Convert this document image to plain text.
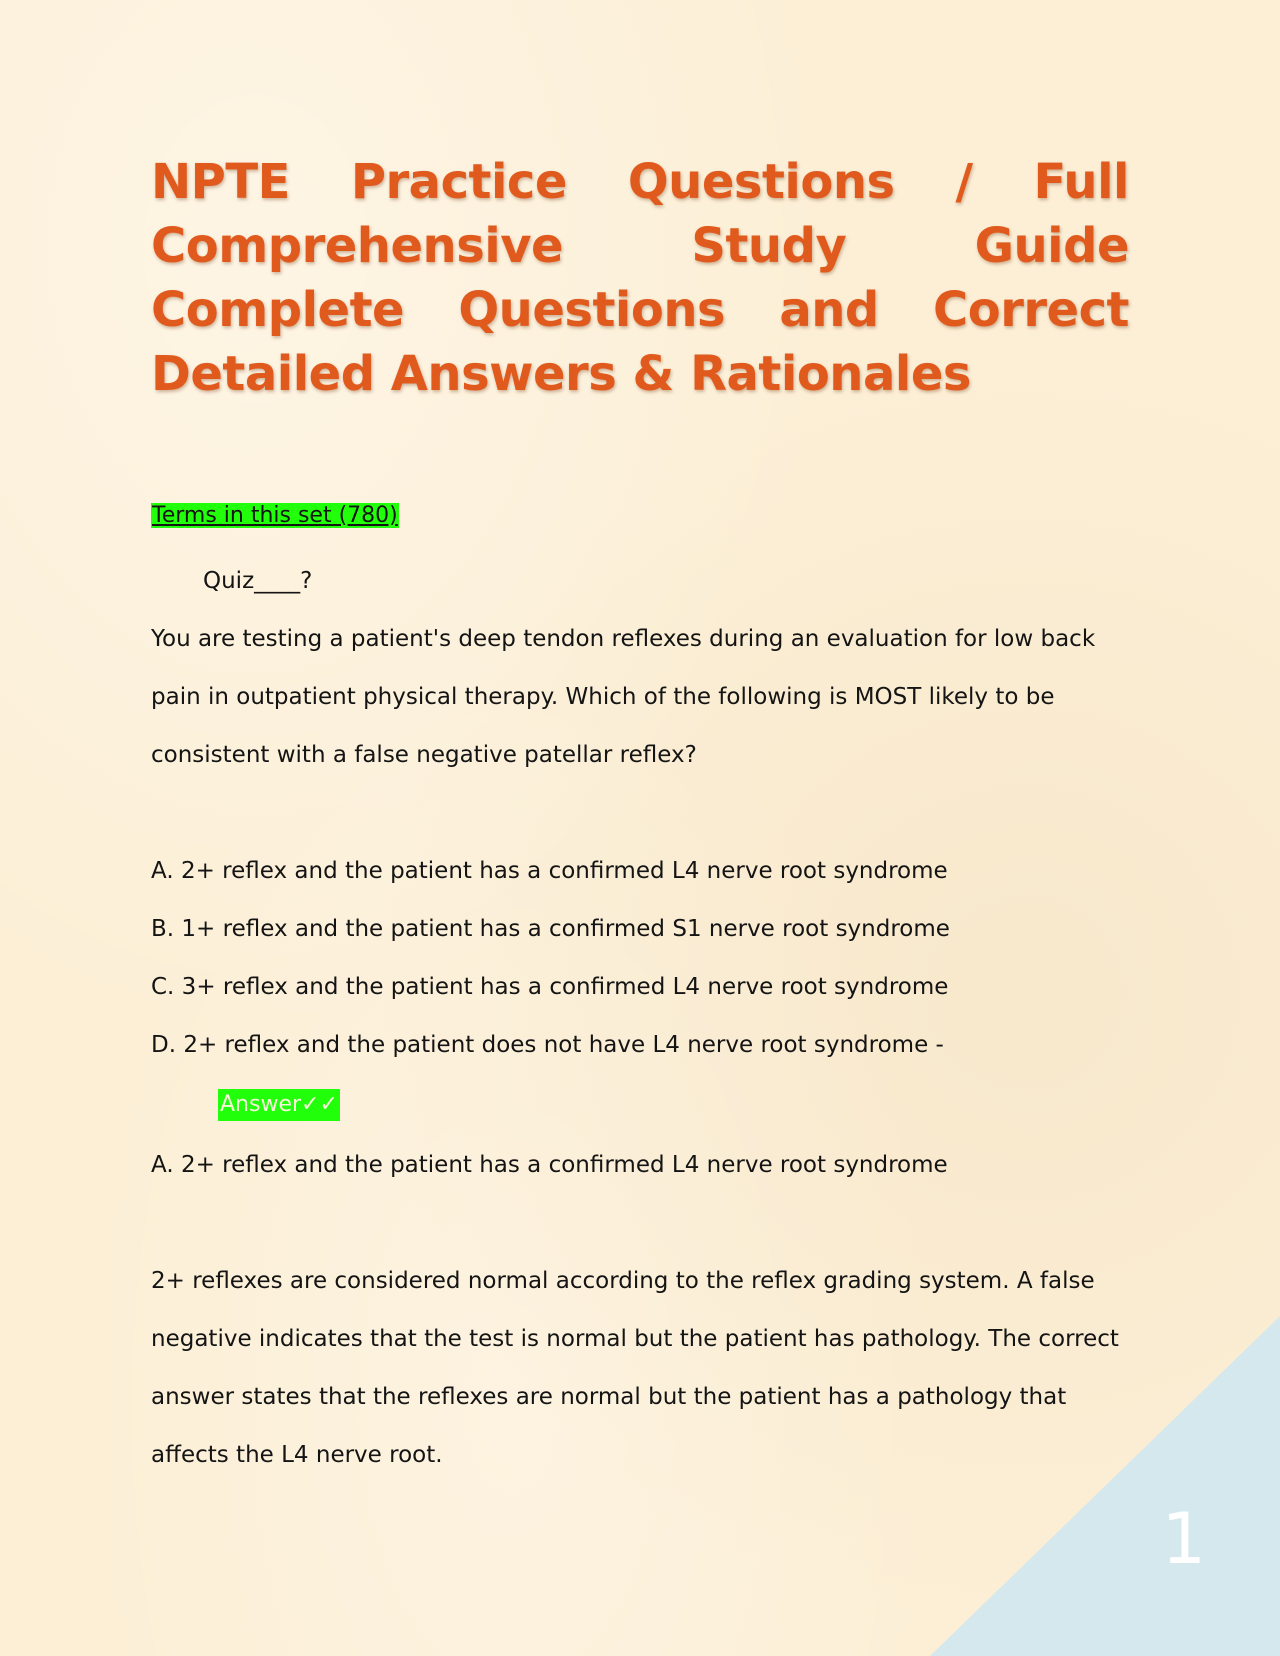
1
NPTE Practice Questions / Full Comprehensive Study Guide Complete Questions and Correct Detailed Answers & Rationales
Terms in this set (780)
Quiz____?
You are testing a patient's deep tendon reflexes during an evaluation for low back
pain in outpatient physical therapy. Which of the following is MOST likely to be
consistent with a false negative patellar reflex?
A. 2+ reflex and the patient has a confirmed L4 nerve root syndrome
B. 1+ reflex and the patient has a confirmed S1 nerve root syndrome
C. 3+ reflex and the patient has a confirmed L4 nerve root syndrome
D. 2+ reflex and the patient does not have L4 nerve root syndrome -
Answer✓✓
A. 2+ reflex and the patient has a confirmed L4 nerve root syndrome
2+ reflexes are considered normal according to the reflex grading system. A false
negative indicates that the test is normal but the patient has pathology. The correct
answer states that the reflexes are normal but the patient has a pathology that
affects the L4 nerve root.
